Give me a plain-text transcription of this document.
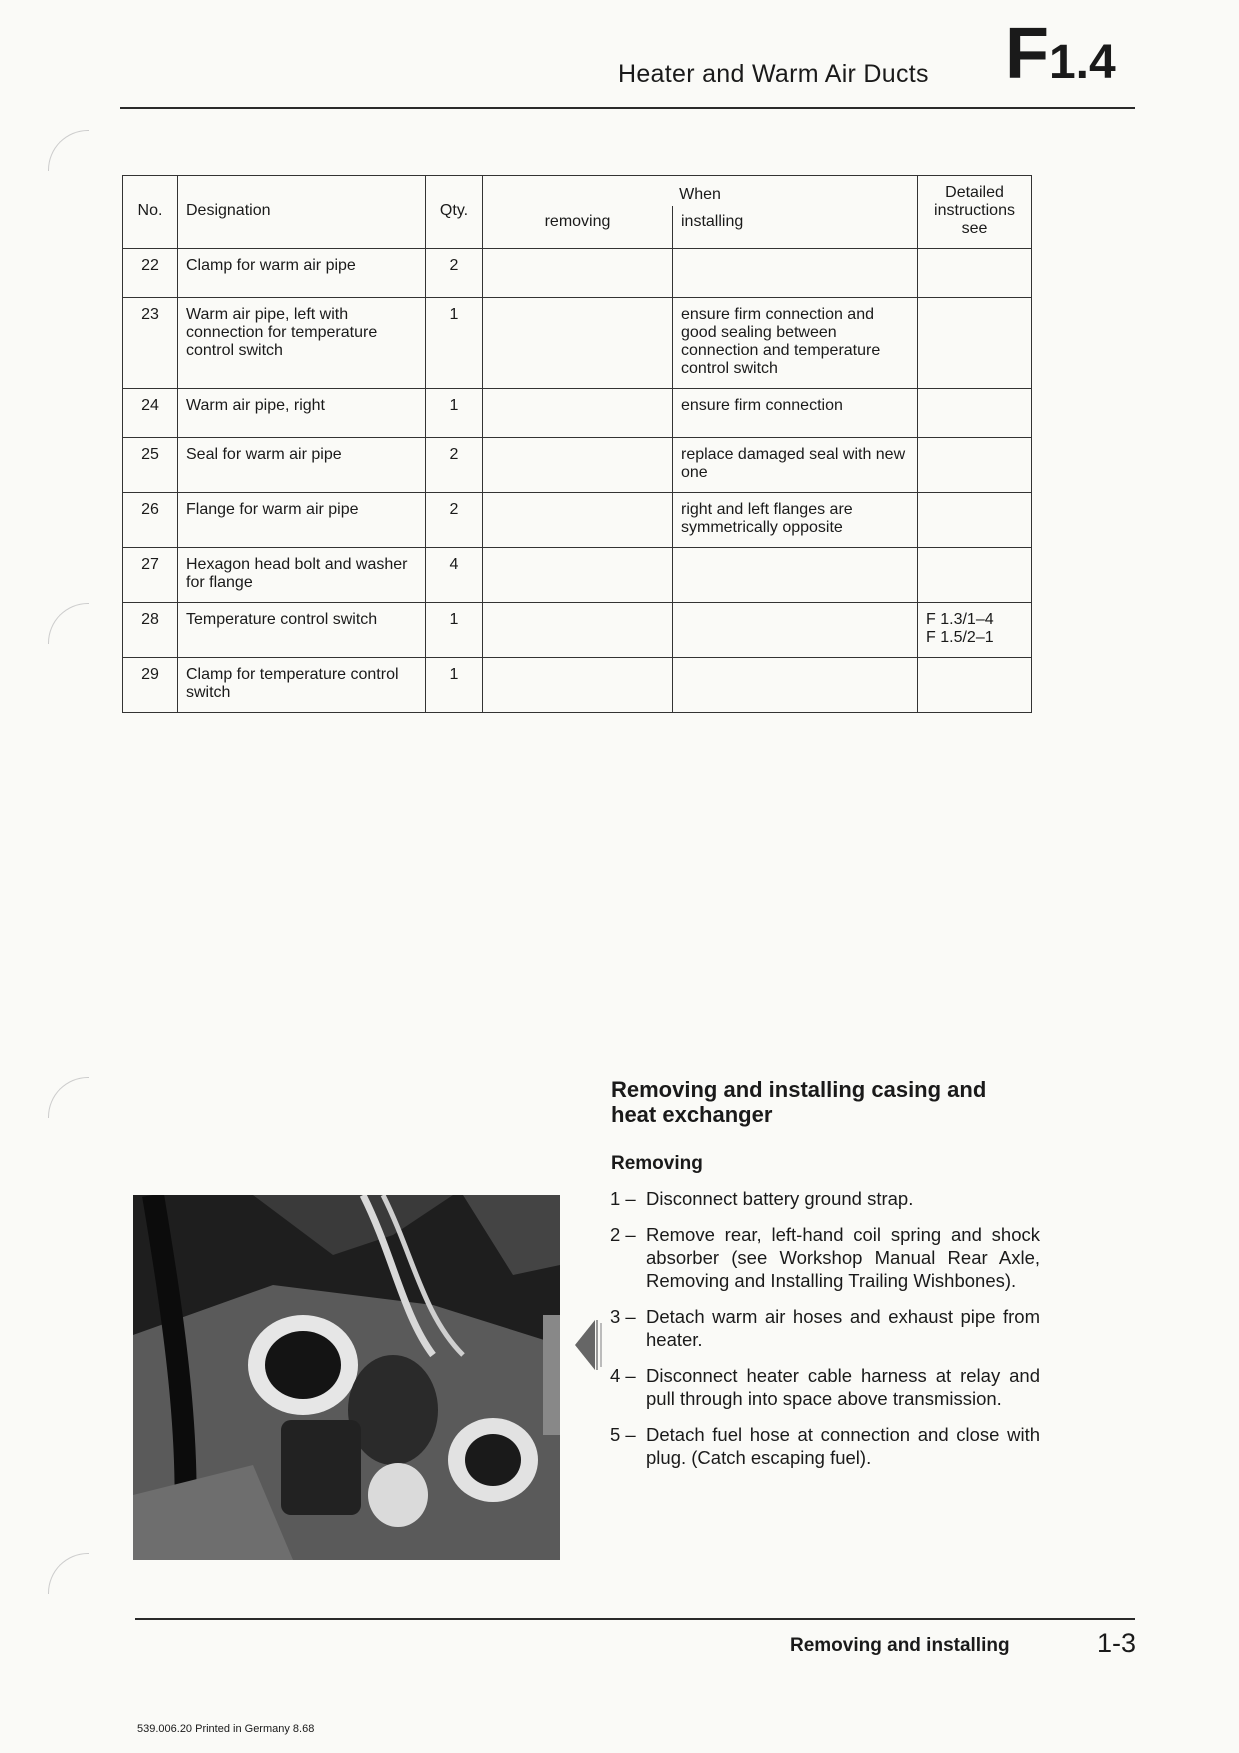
Heater and Warm Air Ducts F1.4
No.	Designation	Qty.	When		Detailed instructions see
			removing	installing	
22	Clamp for warm air pipe	2			
23	Warm air pipe, left with connection for temperature control switch	1		ensure firm connection and good sealing between connection and temperature control switch	
24	Warm air pipe, right	1		ensure firm connection	
25	Seal for warm air pipe	2		replace damaged seal with new one	
26	Flange for warm air pipe	2		right and left flanges are symmetrically opposite	
27	Hexagon head bolt and washer for flange	4			
28	Temperature control switch	1			F 1.3/1–4
F 1.5/2–1
29	Clamp for temperature control switch	1			
Removing and installing casing and heat exchanger
Removing
1 – Disconnect battery ground strap.
2 – Remove rear, left-hand coil spring and shock absorber (see Workshop Manual Rear Axle, Removing and Installing Trailing Wishbones).
3 – Detach warm air hoses and exhaust pipe from heater.
4 – Disconnect heater cable harness at relay and pull through into space above transmission.
5 – Detach fuel hose at connection and close with plug. (Catch escaping fuel).
Removing and installing	1-3
539.006.20 Printed in Germany 8.68
